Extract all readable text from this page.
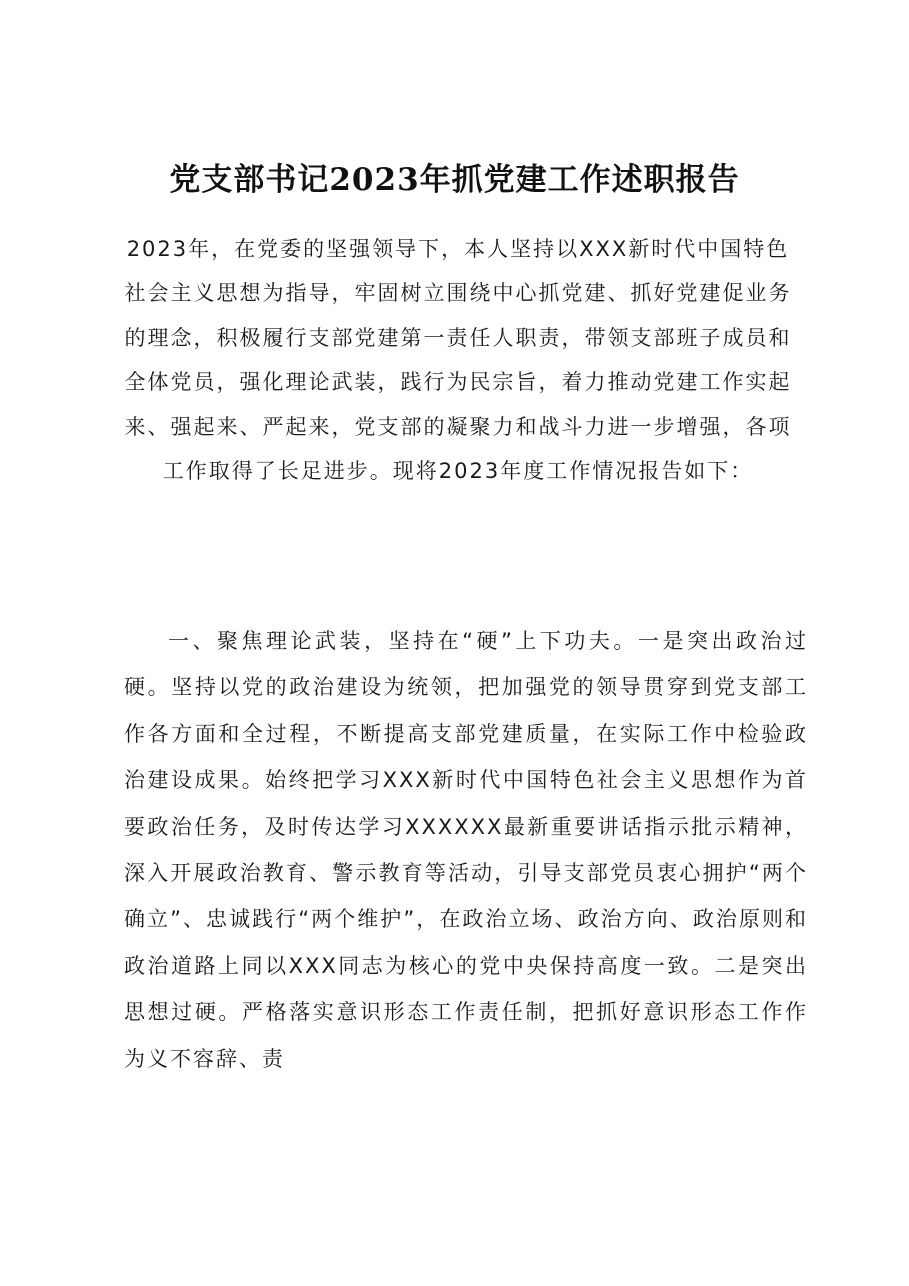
党支部书记2023年抓党建工作述职报告
2023年，在党委的坚强领导下，本人坚持以XXX新时代中国特色社会主义思想为指导，牢固树立围绕中心抓党建、抓好党建促业务的理念，积极履行支部党建第一责任人职责，带领支部班子成员和全体党员，强化理论武装，践行为民宗旨，着力推动党建工作实起来、强起来、严起来，党支部的凝聚力和战斗力进一步增强，各项工作取得了长足进步。现将2023年度工作情况报告如下：
一、聚焦理论武装，坚持在“硬”上下功夫。一是突出政治过硬。坚持以党的政治建设为统领，把加强党的领导贯穿到党支部工作各方面和全过程，不断提高支部党建质量，在实际工作中检验政治建设成果。始终把学习XXX新时代中国特色社会主义思想作为首要政治任务，及时传达学习XXXXXX最新重要讲话指示批示精神，深入开展政治教育、警示教育等活动，引导支部党员衷心拥护“两个确立”、忠诚践行“两个维护”，在政治立场、政治方向、政治原则和政治道路上同以XXX同志为核心的党中央保持高度一致。二是突出思想过硬。严格落实意识形态工作责任制，把抓好意识形态工作作为义不容辞、责
